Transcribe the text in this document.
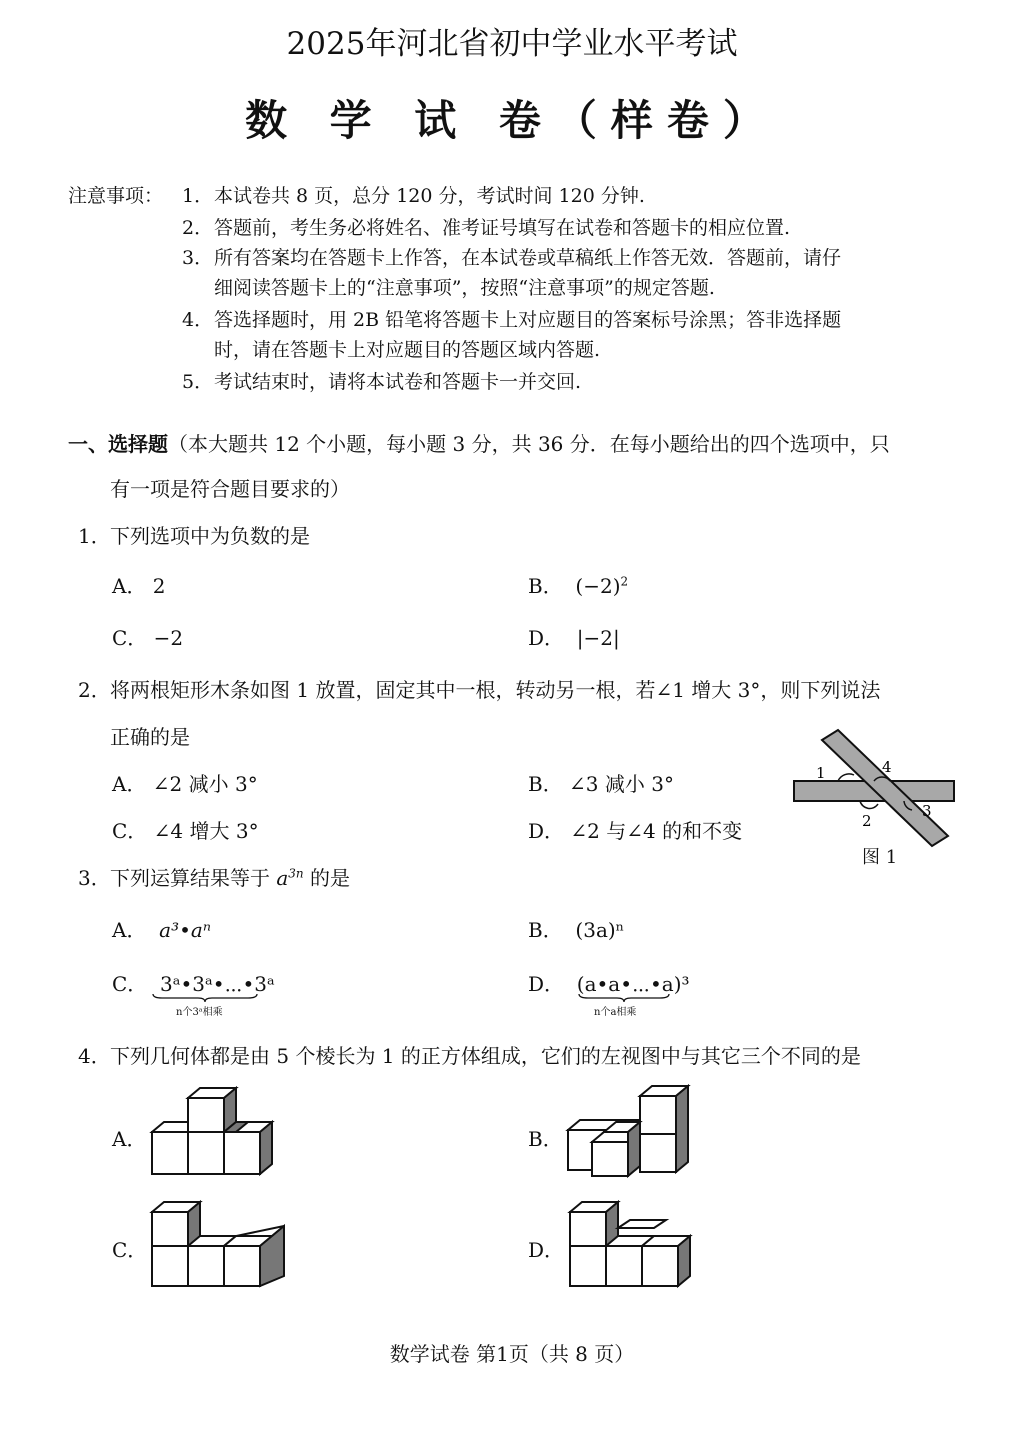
2025年河北省初中学业水平考试
数 学 试 卷（样卷）
注意事项： 1． 本试卷共 8 页，总分 120 分，考试时间 120 分钟.
2． 答题前，考生务必将姓名、准考证号填写在试卷和答题卡的相应位置.
3． 所有答案均在答题卡上作答，在本试卷或草稿纸上作答无效．答题前，请仔
细阅读答题卡上的“注意事项”，按照“注意事项”的规定答题.
4． 答选择题时，用 2B 铅笔将答题卡上对应题目的答案标号涂黑；答非选择题
时，请在答题卡上对应题目的答题区域内答题.
5． 考试结束时，请将本试卷和答题卡一并交回.
一、选择题（本大题共 12 个小题，每小题 3 分，共 36 分．在每小题给出的四个选项中，只
有一项是符合题目要求的）
1． 下列选项中为负数的是
A． 2	B． $(-2)^2$
C． −2	D． |−2|
2． 将两根矩形木条如图 1 放置，固定其中一根，转动另一根，若∠1 增大 3°，则下列说法
正确的是
A． ∠2 减小 3°	B． ∠3 减小 3°
C． ∠4 增大 3°	D． ∠2 与∠4 的和不变
1
2
3
4
图 1
3． 下列运算结果等于 $a^{3n}$ 的是
A． a³•aⁿ	B． (3a)ⁿ
C． 3ᵃ•3ᵃ•⋯•3ᵃ
n个3ᵃ相乘
D． (a•a•⋯•a)³
n个a相乘
4． 下列几何体都是由 5 个棱长为 1 的正方体组成，它们的左视图中与其它三个不同的是
A．	B．
C．	D．
数学试卷 第1页（共 8 页）
